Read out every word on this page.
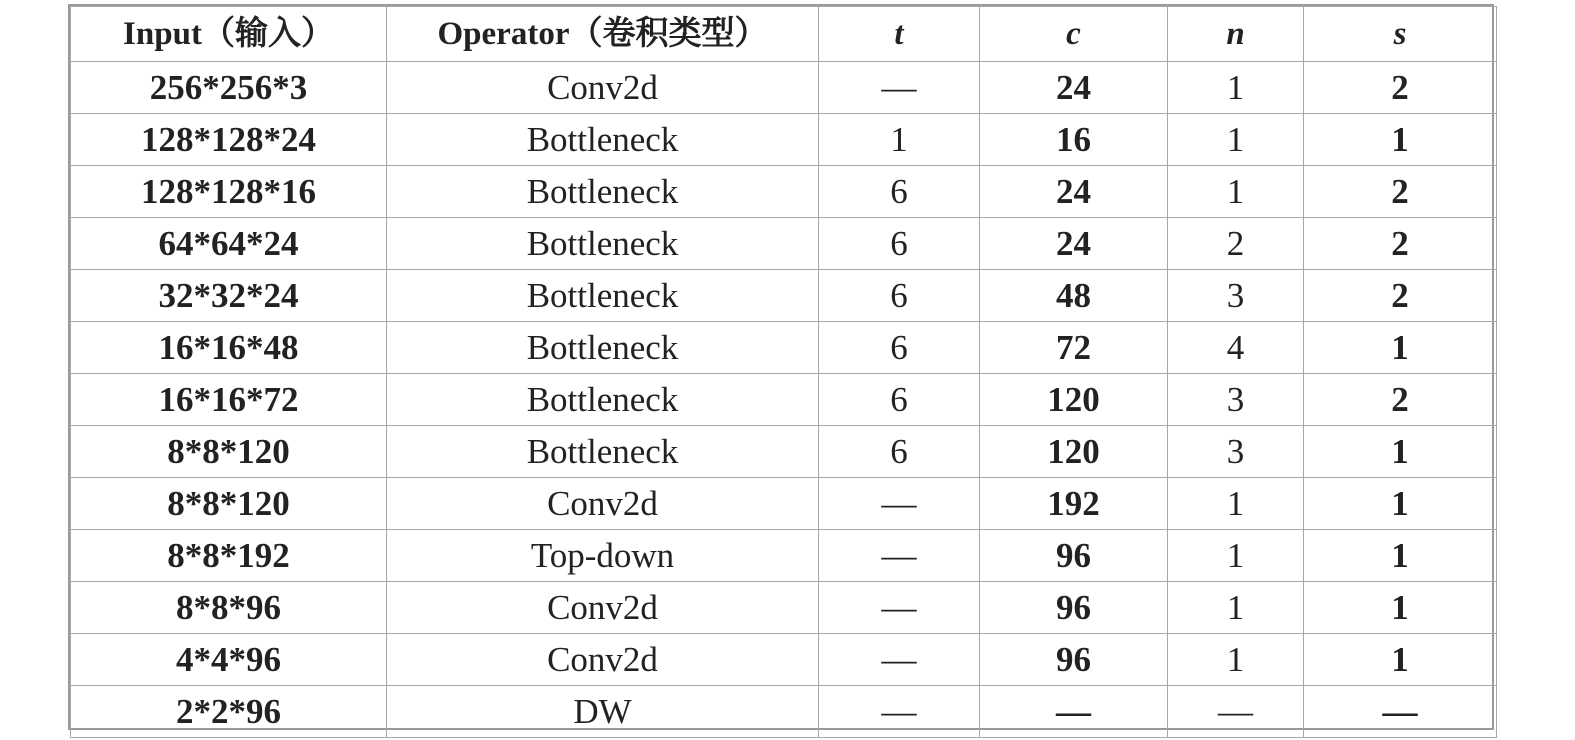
Input（输入）	Operator（卷积类型）	t	c	n	s
256*256*3	Conv2d	—	24	1	2
128*128*24	Bottleneck	1	16	1	1
128*128*16	Bottleneck	6	24	1	2
64*64*24	Bottleneck	6	24	2	2
32*32*24	Bottleneck	6	48	3	2
16*16*48	Bottleneck	6	72	4	1
16*16*72	Bottleneck	6	120	3	2
8*8*120	Bottleneck	6	120	3	1
8*8*120	Conv2d	—	192	1	1
8*8*192	Top-down	—	96	1	1
8*8*96	Conv2d	—	96	1	1
4*4*96	Conv2d	—	96	1	1
2*2*96	DW	—	—	—	—
